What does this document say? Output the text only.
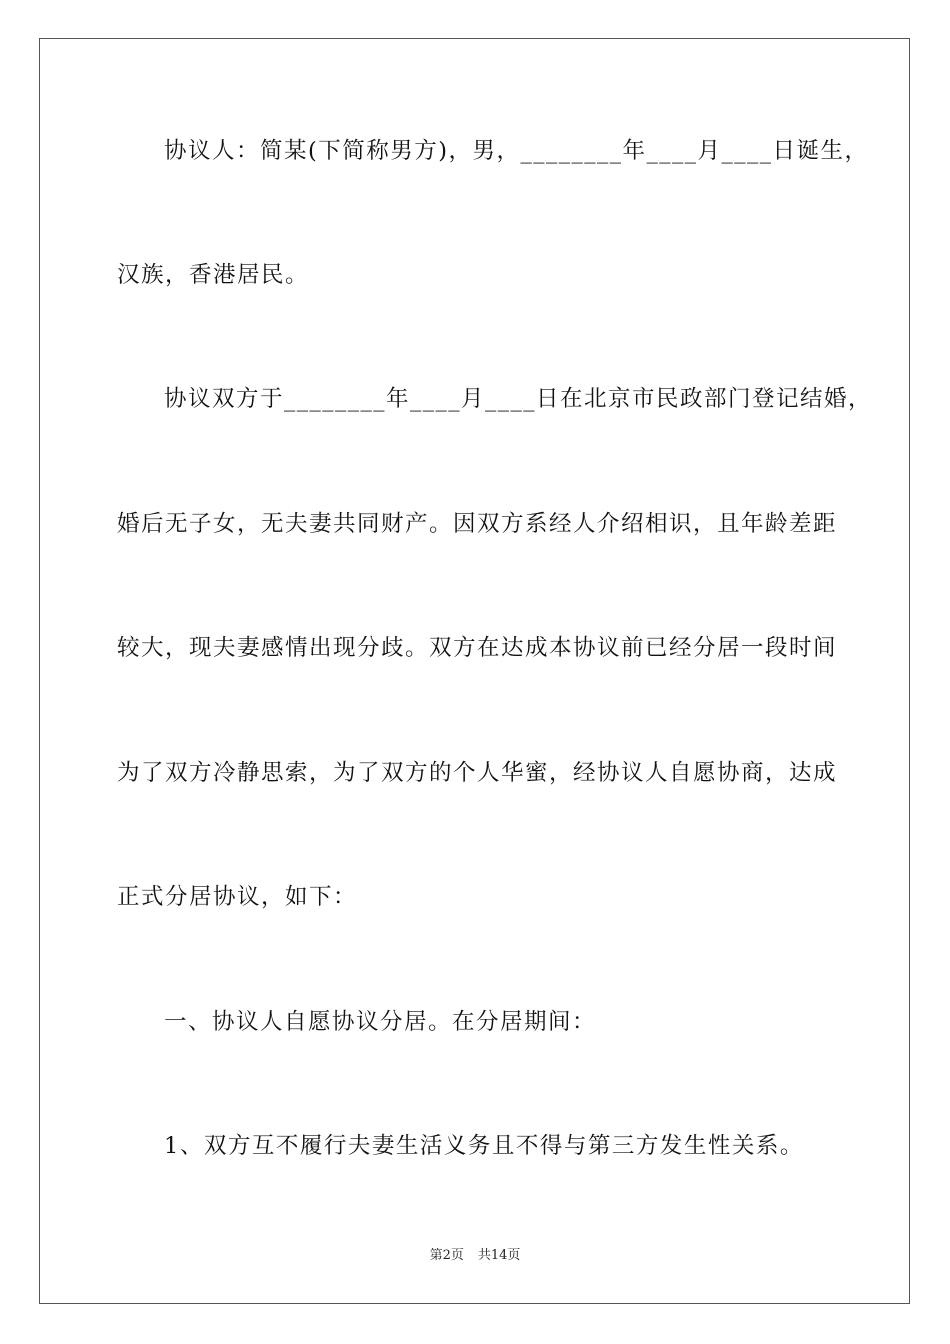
协议人：简某(下简称男方)，男，________年____月____日诞生，
汉族，香港居民。
协议双方于________年____月____日在北京市民政部门登记结婚，
婚后无子女，无夫妻共同财产。因双方系经人介绍相识，且年龄差距
较大，现夫妻感情出现分歧。双方在达成本协议前已经分居一段时间
为了双方冷静思索，为了双方的个人华蜜，经协议人自愿协商，达成
正式分居协议，如下：
一、协议人自愿协议分居。在分居期间：
1、双方互不履行夫妻生活义务且不得与第三方发生性关系。
第2页 共14页
